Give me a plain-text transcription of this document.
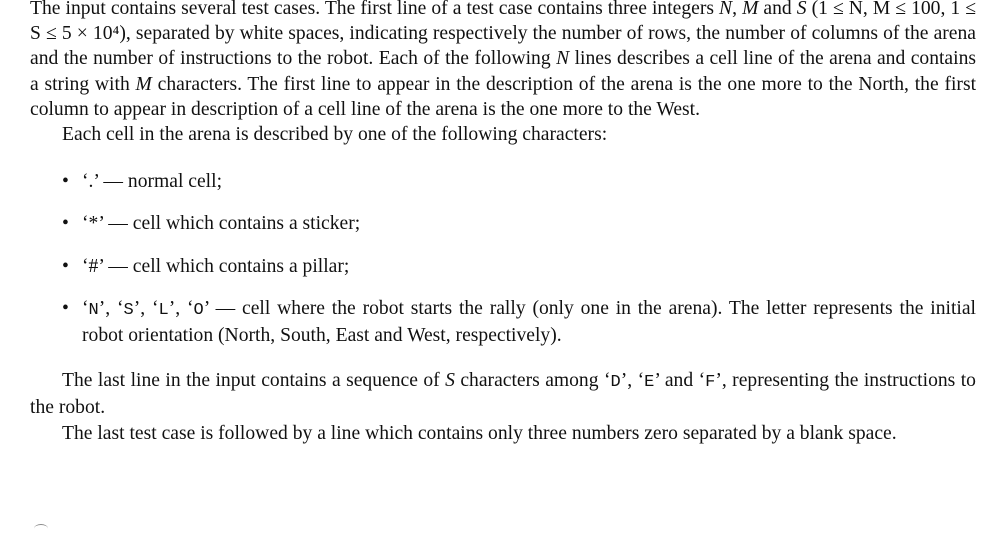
The input contains several test cases. The first line of a test case contains three integers N, M and S (1 ≤ N, M ≤ 100, 1 ≤ S ≤ 5 × 10⁴), separated by white spaces, indicating respectively the number of rows, the number of columns of the arena and the number of instructions to the robot. Each of the following N lines describes a cell line of the arena and contains a string with M characters. The first line to appear in the description of the arena is the one more to the North, the first column to appear in description of a cell line of the arena is the one more to the West.

Each cell in the arena is described by one of the following characters:

• ‘.’ — normal cell;
• ‘*’ — cell which contains a sticker;
• ‘#’ — cell which contains a pillar;
• ‘N’, ‘S’, ‘L’, ‘O’ — cell where the robot starts the rally (only one in the arena). The letter represents the initial robot orientation (North, South, East and West, respectively).

The last line in the input contains a sequence of S characters among ‘D’, ‘E’ and ‘F’, representing the instructions to the robot.

The last test case is followed by a line which contains only three numbers zero separated by a blank space.
